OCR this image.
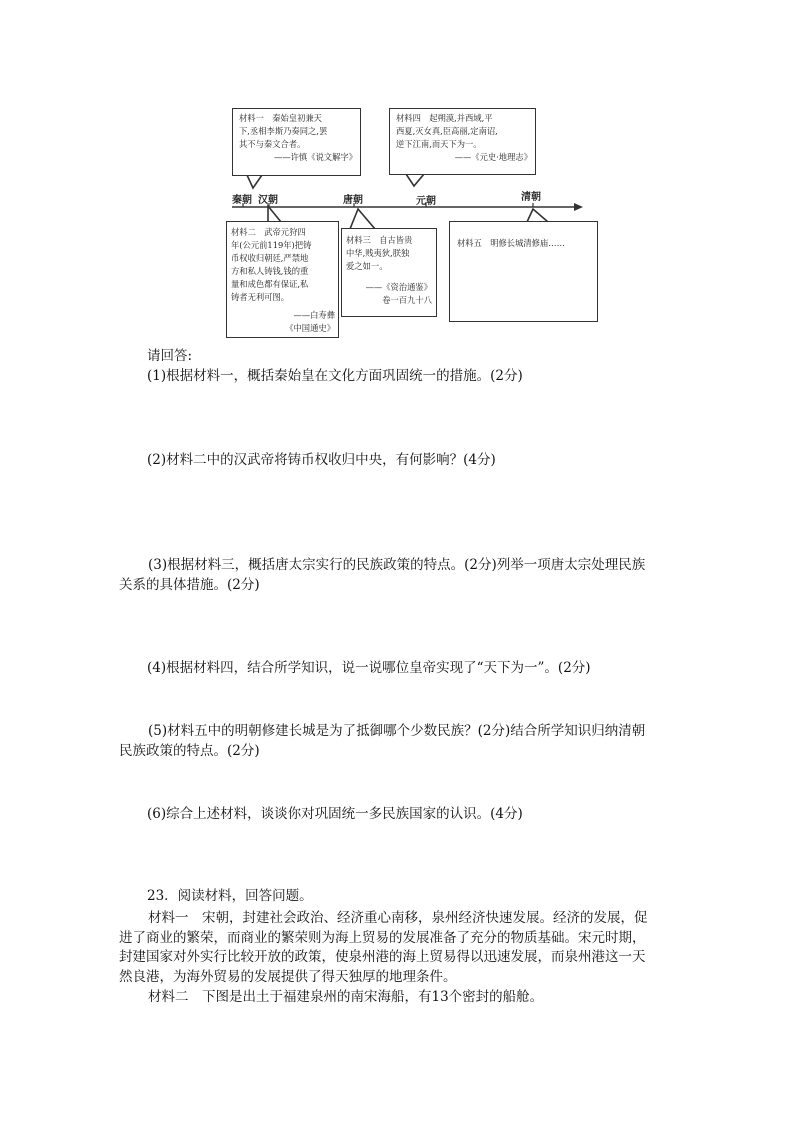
秦朝 汉朝	唐朝	元朝	清朝
材料一　秦始皇初兼天
下,丞相李斯乃奏同之,罢
其不与秦文合者。
——许慎《说文解字》
材料四　起朔漠,并西域,平
西夏,灭女真,臣高丽,定南诏,
逆下江南,而天下为一。
——《元史·地理志》
材料二　武帝元狩四
年(公元前119年)把铸
币权收归朝廷,严禁地
方和私人铸钱,钱的重
量和成色都有保证,私
铸者无利可图。
——白寿彝
《中国通史》
材料三　自古皆贵
中华,贱夷狄,朕独
爱之如一。
——《资治通鉴》
卷一百九十八
材料五　明修长城清修庙……
请回答:
(1)根据材料一，概括秦始皇在文化方面巩固统一的措施。(2分)
(2)材料二中的汉武帝将铸币权收归中央，有何影响？(4分)
(3)根据材料三，概括唐太宗实行的民族政策的特点。(2分)列举一项唐太宗处理民族
关系的具体措施。(2分)
(4)根据材料四，结合所学知识，说一说哪位皇帝实现了“天下为一”。(2分)
(5)材料五中的明朝修建长城是为了抵御哪个少数民族？(2分)结合所学知识归纳清朝
民族政策的特点。(2分)
(6)综合上述材料，谈谈你对巩固统一多民族国家的认识。(4分)
23．阅读材料，回答问题。
材料一　宋朝，封建社会政治、经济重心南移，泉州经济快速发展。经济的发展，促
进了商业的繁荣，而商业的繁荣则为海上贸易的发展准备了充分的物质基础。宋元时期，
封建国家对外实行比较开放的政策，使泉州港的海上贸易得以迅速发展，而泉州港这一天
然良港，为海外贸易的发展提供了得天独厚的地理条件。
材料二　下图是出土于福建泉州的南宋海船，有13个密封的船舱。
